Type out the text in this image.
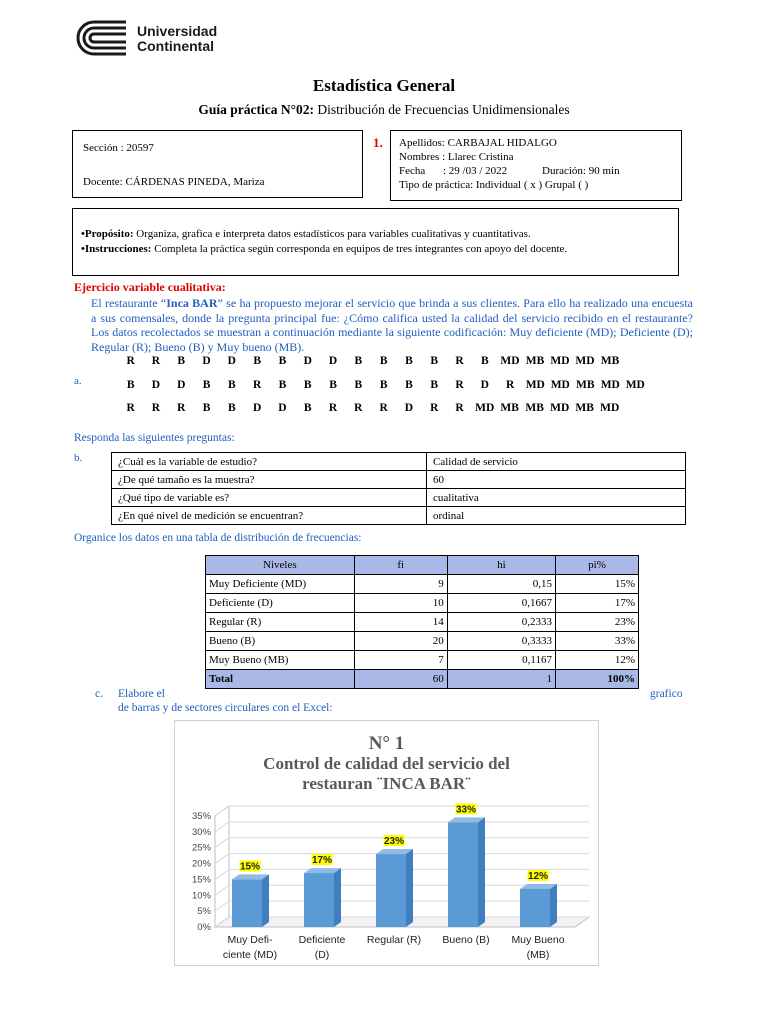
Universidad
Continental
Estadística General
Guía práctica N°02: Distribución de Frecuencias Unidimensionales
Sección : 20597
Docente: CÁRDENAS PINEDA, Mariza
1. Apellidos: CARBAJAL HIDALGO
Nombres : Llarec Cristina
Fecha : 29 /03 / 2022	Duración: 90 min
Tipo de práctica: Individual ( x ) Grupal ( )
•Propósito: Organiza, grafica e interpreta datos estadísticos para variables cualitativas y cuantitativas.
•Instrucciones: Completa la práctica según corresponda en equipos de tres integrantes con apoyo del docente.
Ejercicio variable cualitativa:
El restaurante “Inca BAR” se ha propuesto mejorar el servicio que brinda a sus clientes. Para ello ha realizado una encuesta a sus comensales, donde la pregunta principal fue: ¿Cómo califica usted la calidad del servicio recibido en el restaurante? Los datos recolectados se muestran a continuación mediante la siguiente codificación: Muy deficiente (MD); Deficiente (D); Regular (R); Bueno (B) y Muy bueno (MB).
a.
R	R	B	D	D	B	B	D	D	B	B	B	B	R	B	MD MB MD MD MB
B	D	D	B	B	R	B	B	B	B	B	B	B	R	D	R MD MD MB MD MD
R	R	R	B	B	D	D	B	R	R	R	D	R	R MD MB MB MD MB MD
Responda las siguientes preguntas:
b.	¿Cuál es la variable de estudio?	Calidad de servicio
¿De qué tamaño es la muestra?	60
¿Qué tipo de variable es?	cualitativa
¿En qué nivel de medición se encuentran?	ordinal
Organice los datos en una tabla de distribución de frecuencias:
Niveles	fi	hi	pi%
Muy Deficiente (MD)	9	0,15	15%
Deficiente (D)	10	0,1667	17%
Regular (R)	14	0,2333	23%
Bueno (B)	20	0,3333	33%
Muy Bueno (MB)	7	0,1167	12%
Total	60	1	100%
c. Elabore el	grafico
de barras y de sectores circulares con el Excel:
N° 1
Control de calidad del servicio del
restauran ¨INCA BAR¨
0%
5%
10%
15%
20%
25%
30%
35%
15%
Muy Defi-
ciente (MD)
17%
Deficiente
(D)
23%
Regular (R)
33%
Bueno (B)
12%
Muy Bueno
(MB)
